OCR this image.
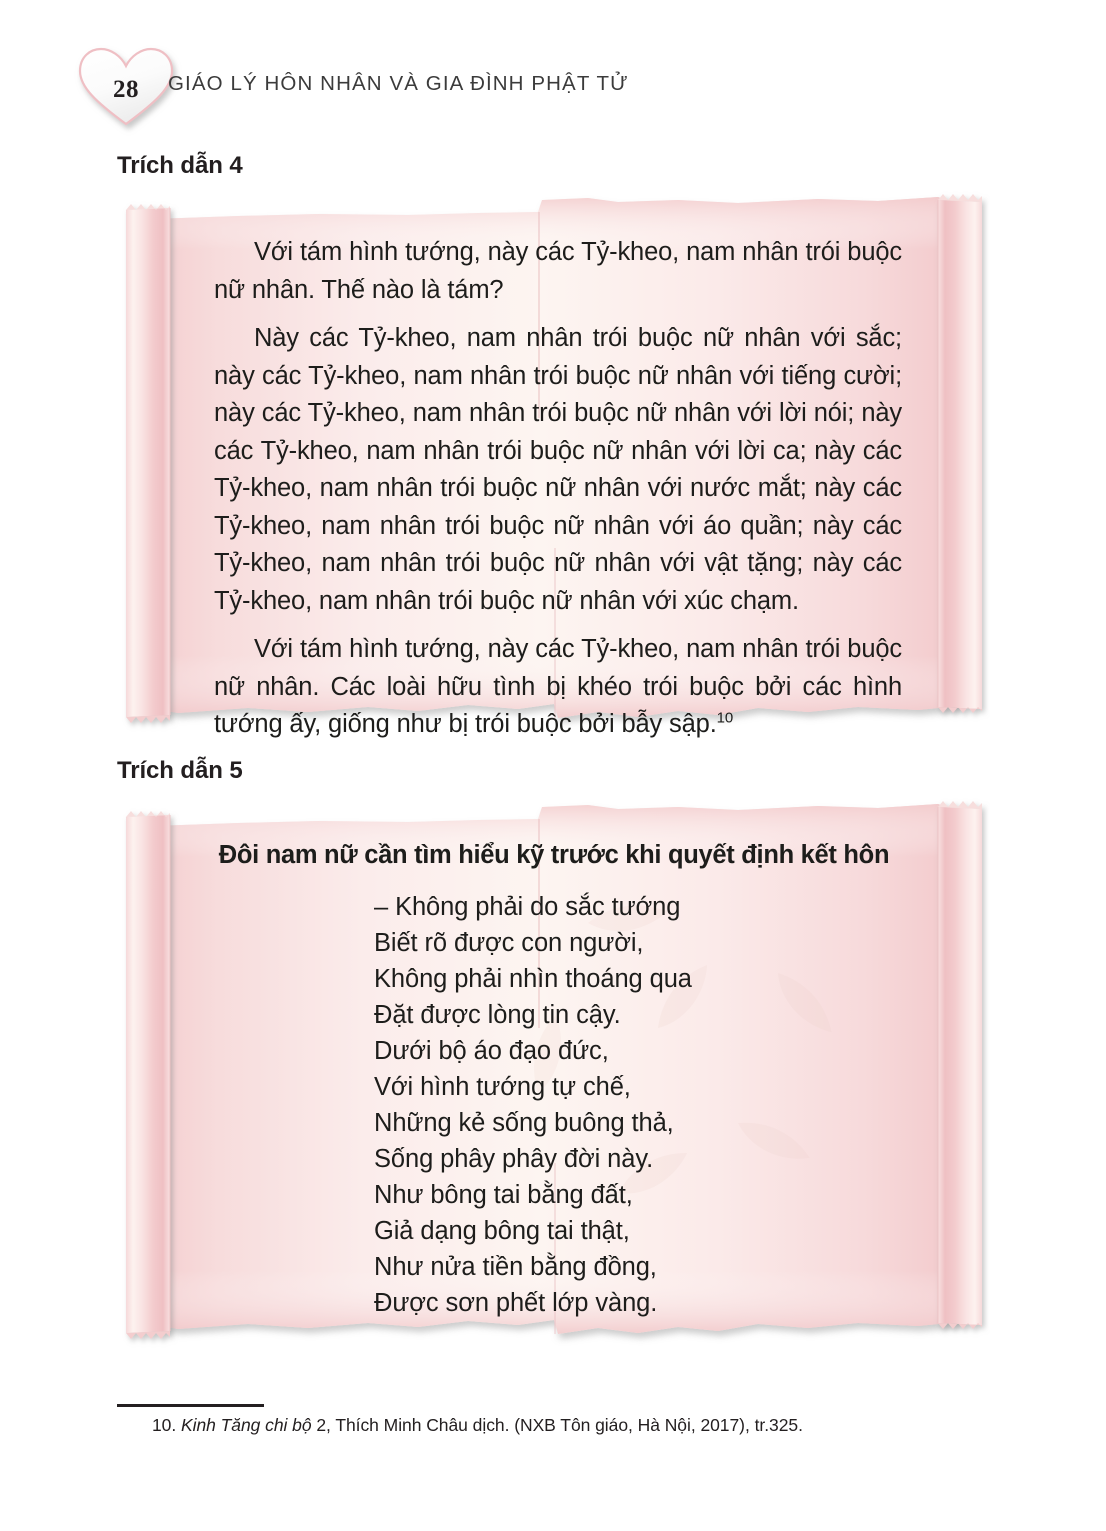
28	GIÁO LÝ HÔN NHÂN VÀ GIA ĐÌNH PHẬT TỬ
Trích dẫn 4

Với tám hình tướng, này các Tỷ-kheo, nam nhân trói buộc nữ nhân. Thế nào là tám?

Này các Tỷ-kheo, nam nhân trói buộc nữ nhân với sắc; này các Tỷ-kheo, nam nhân trói buộc nữ nhân với tiếng cười; này các Tỷ-kheo, nam nhân trói buộc nữ nhân với lời nói; này các Tỷ-kheo, nam nhân trói buộc nữ nhân với lời ca; này các Tỷ-kheo, nam nhân trói buộc nữ nhân với nước mắt; này các Tỷ-kheo, nam nhân trói buộc nữ nhân với áo quần; này các Tỷ-kheo, nam nhân trói buộc nữ nhân với vật tặng; này các Tỷ-kheo, nam nhân trói buộc nữ nhân với xúc chạm.

Với tám hình tướng, này các Tỷ-kheo, nam nhân trói buộc nữ nhân. Các loài hữu tình bị khéo trói buộc bởi các hình tướng ấy, giống như bị trói buộc bởi bẫy sập.$^{10}$

Trích dẫn 5
Đôi nam nữ cần tìm hiểu kỹ trước khi quyết định kết hôn
– Không phải do sắc tướng
Biết rõ được con người,
Không phải nhìn thoáng qua
Đặt được lòng tin cậy.
Dưới bộ áo đạo đức,
Với hình tướng tự chế,
Những kẻ sống buông thả,
Sống phây phây đời này.
Như bông tai bằng đất,
Giả dạng bông tai thật,
Như nửa tiền bằng đồng,
Được sơn phết lớp vàng.
10. Kinh Tăng chi bộ 2, Thích Minh Châu dịch. (NXB Tôn giáo, Hà Nội, 2017), tr.325.
